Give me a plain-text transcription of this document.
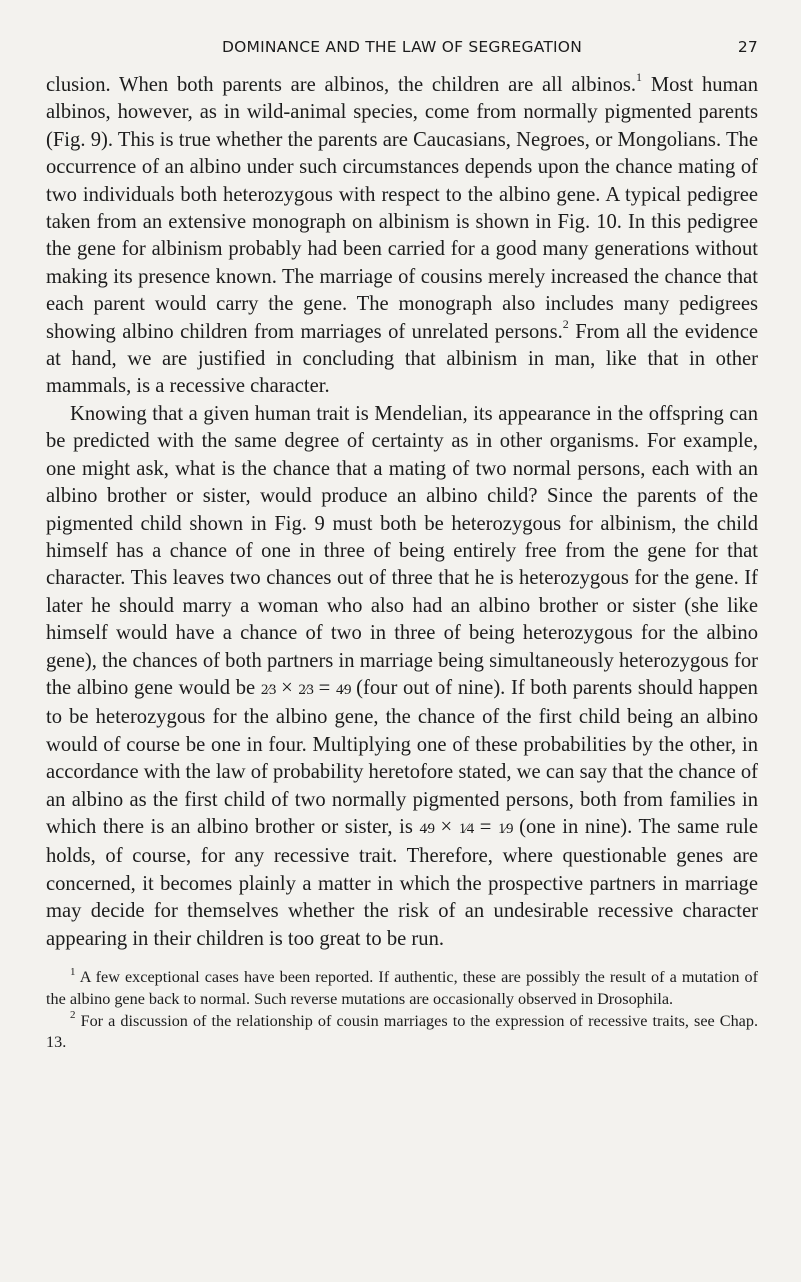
DOMINANCE AND THE LAW OF SEGREGATION	27

clusion. When both parents are albinos, the children are all albinos.$^1$ Most human albinos, however, as in wild-animal species, come from normally pigmented parents (Fig. 9). This is true whether the parents are Caucasians, Negroes, or Mongolians. The occurrence of an albino under such circumstances depends upon the chance mating of two individuals both heterozygous with respect to the albino gene. A typical pedigree taken from an extensive monograph on albinism is shown in Fig. 10. In this pedigree the gene for albinism probably had been carried for a good many generations without making its presence known. The marriage of cousins merely increased the chance that each parent would carry the gene. The monograph also includes many pedigrees showing albino children from marriages of unrelated persons.$^2$ From all the evidence at hand, we are justified in concluding that albinism in man, like that in other mammals, is a recessive character.

Knowing that a given human trait is Mendelian, its appearance in the offspring can be predicted with the same degree of certainty as in other organisms. For example, one might ask, what is the chance that a mating of two normal persons, each with an albino brother or sister, would produce an albino child? Since the parents of the pigmented child shown in Fig. 9 must both be heterozygous for albinism, the child himself has a chance of one in three of being entirely free from the gene for that character. This leaves two chances out of three that he is heterozygous for the gene. If later he should marry a woman who also had an albino brother or sister (she like himself would have a chance of two in three of being heterozygous for the albino gene), the chances of both partners in marriage being simultaneously heterozygous for the albino gene would be 2⁄3 × 2⁄3 = 4⁄9 (four out of nine). If both parents should happen to be heterozygous for the albino gene, the chance of the first child being an albino would of course be one in four. Multiplying one of these probabilities by the other, in accordance with the law of probability heretofore stated, we can say that the chance of an albino as the first child of two normally pigmented persons, both from families in which there is an albino brother or sister, is 4⁄9 × 1⁄4 = 1⁄9 (one in nine). The same rule holds, of course, for any recessive trait. Therefore, where questionable genes are concerned, it becomes plainly a matter in which the prospective partners in marriage may decide for themselves whether the risk of an undesirable recessive character appearing in their children is too great to be run.

$^1$ A few exceptional cases have been reported. If authentic, these are possibly the result of a mutation of the albino gene back to normal. Such reverse mutations are occasionally observed in Drosophila.

$^2$ For a discussion of the relationship of cousin marriages to the expression of recessive traits, see Chap. 13.
